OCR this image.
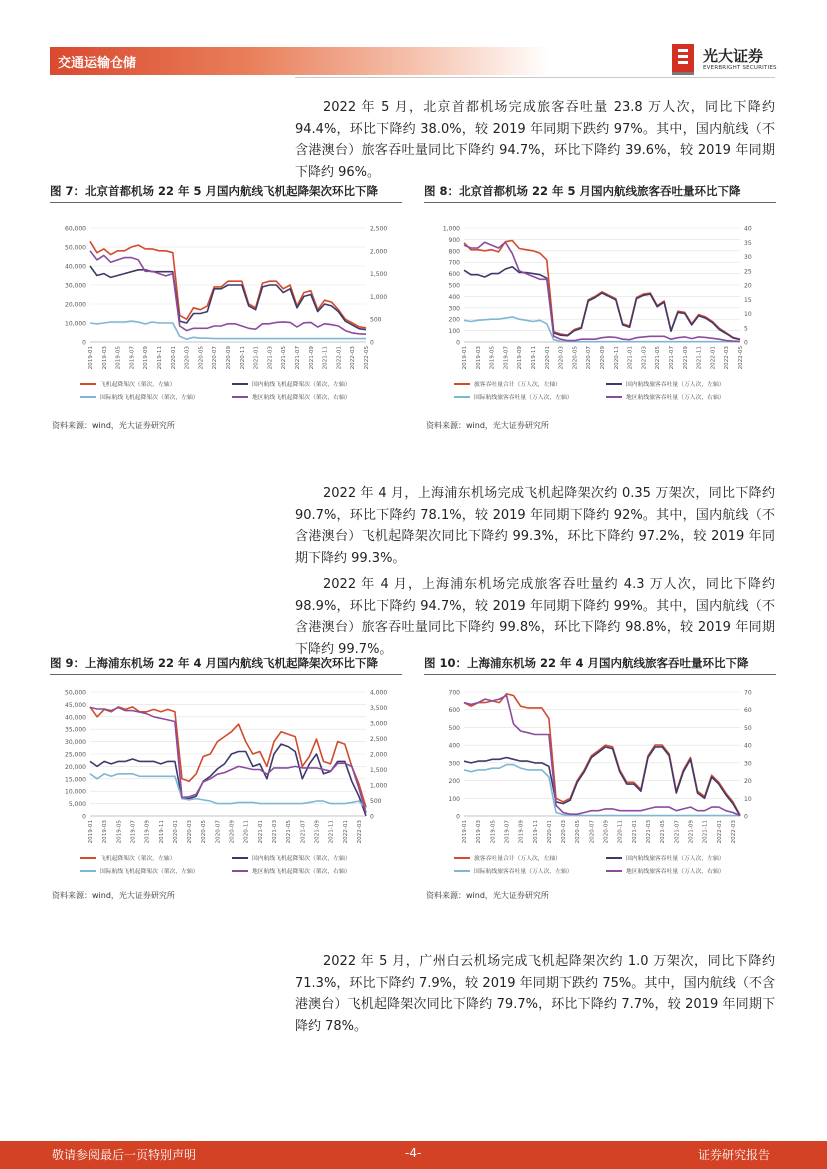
交通运输仓储	光大证券
EVERBRIGHT SECURITIES

2022 年 5 月，北京首都机场完成旅客吞吐量 23.8 万人次，同比下降约 94.4%，环比下降约 38.0%，较 2019 年同期下跌约 97%。其中，国内航线（不含港澳台）旅客吞吐量同比下降约 94.7%，环比下降约 39.6%，较 2019 年同期下降约 96%。

图 7：北京首都机场 22 年 5 月国内航线飞机起降架次环比下降
0
10,000
20,000
30,000
40,000
50,000
60,000
0
500
1,000
1,500
2,000
2,500
2019-01 2019-03 2019-05 2019-07 2019-09 2019-11 2020-01 2020-03 2020-05 2020-07 2020-09 2020-11 2021-01 2021-03 2021-05 2021-07 2021-09 2021-11 2022-01 2022-03 2022-05
飞机起降架次（架次，左轴）	国内航线飞机起降架次（架次，左轴）
国际航线飞机起降架次（架次，左轴）	地区航线飞机起降架次（架次，右轴）
资料来源：wind，光大证券研究所
图 8：北京首都机场 22 年 5 月国内航线旅客吞吐量环比下降
0
100
200
300
400
500
600
700
800
900
1,000
0
5
10
15
20
25
30
35
40
2019-01 2019-03 2019-05 2019-07 2019-09 2019-11 2020-01 2020-03 2020-05 2020-07 2020-09 2020-11 2021-01 2021-03 2021-05 2021-07 2021-09 2021-11 2022-01 2022-03 2022-05
旅客吞吐量合计（万人次，左轴）	国内航线旅客吞吐量（万人次，左轴）
国际航线旅客吞吐量（万人次，左轴）	地区航线旅客吞吐量（万人次，右轴）
资料来源：wind，光大证券研究所

2022 年 4 月，上海浦东机场完成飞机起降架次约 0.35 万架次，同比下降约 90.7%，环比下降约 78.1%，较 2019 年同期下降约 92%。其中，国内航线（不含港澳台）飞机起降架次同比下降约 99.3%，环比下降约 97.2%，较 2019 年同期下降约 99.3%。

2022 年 4 月，上海浦东机场完成旅客吞吐量约 4.3 万人次，同比下降约 98.9%，环比下降约 94.7%，较 2019 年同期下降约 99%。其中，国内航线（不含港澳台）旅客吞吐量同比下降约 99.8%，环比下降约 98.8%，较 2019 年同期下降约 99.7%。

图 9：上海浦东机场 22 年 4 月国内航线飞机起降架次环比下降
0
5,000
10,000
15,000
20,000
25,000
30,000
35,000
40,000
45,000
50,000
0
500
1,000
1,500
2,000
2,500
3,000
3,500
4,000
2019-01 2019-03 2019-05 2019-07 2019-09 2019-11 2020-01 2020-03 2020-05 2020-07 2020-09 2020-11 2021-01 2021-03 2021-05 2021-07 2021-09 2021-11 2022-01 2022-03
飞机起降架次（架次，左轴）	国内航线飞机起降架次（架次，左轴）
国际航线飞机起降架次（架次，左轴）	地区航线飞机起降架次（架次，右轴）
资料来源：wind，光大证券研究所
图 10：上海浦东机场 22 年 4 月国内航线旅客吞吐量环比下降
0
100
200
300
400
500
600
700
0
10
20
30
40
50
60
70
2019-01 2019-03 2019-05 2019-07 2019-09 2019-11 2020-01 2020-03 2020-05 2020-07 2020-09 2020-11 2021-01 2021-03 2021-05 2021-07 2021-09 2021-11 2022-01 2022-03
旅客吞吐量合计（万人次，左轴）	国内航线旅客吞吐量（万人次，左轴）
国际航线旅客吞吐量（万人次，左轴）	地区航线旅客吞吐量（万人次，右轴）
资料来源：wind，光大证券研究所

2022 年 5 月，广州白云机场完成飞机起降架次约 1.0 万架次，同比下降约 71.3%，环比下降约 7.9%，较 2019 年同期下跌约 75%。其中，国内航线（不含港澳台）飞机起降架次同比下降约 79.7%，环比下降约 7.7%，较 2019 年同期下降约 78%。

敬请参阅最后一页特别声明	-4-	证券研究报告
